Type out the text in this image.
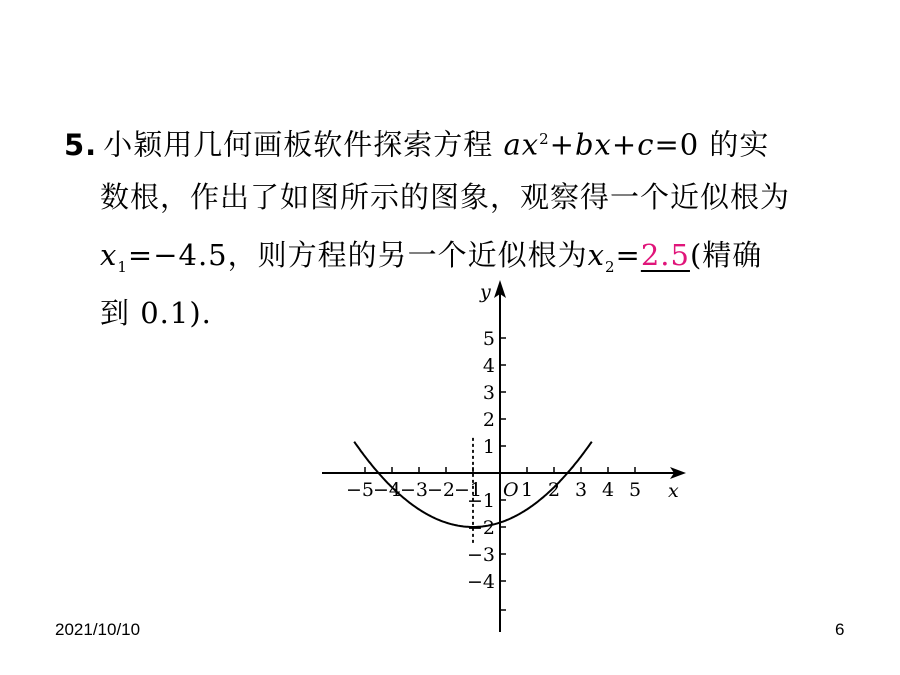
5. 小颖用几何画板软件探索方程 $ax^2+bx+c=0$ 的实
数根，作出了如图所示的图象，观察得一个近似根为
$x_1=-4.5$，则方程的另一个近似根为$x_2=2.5$(精确
到 0.1).
−5
−4
−3
−2
−1 1 2 3 4 5
1
2
3
4
5
−1
−2
−3
−4
x
y
O
2021/10/10	6
